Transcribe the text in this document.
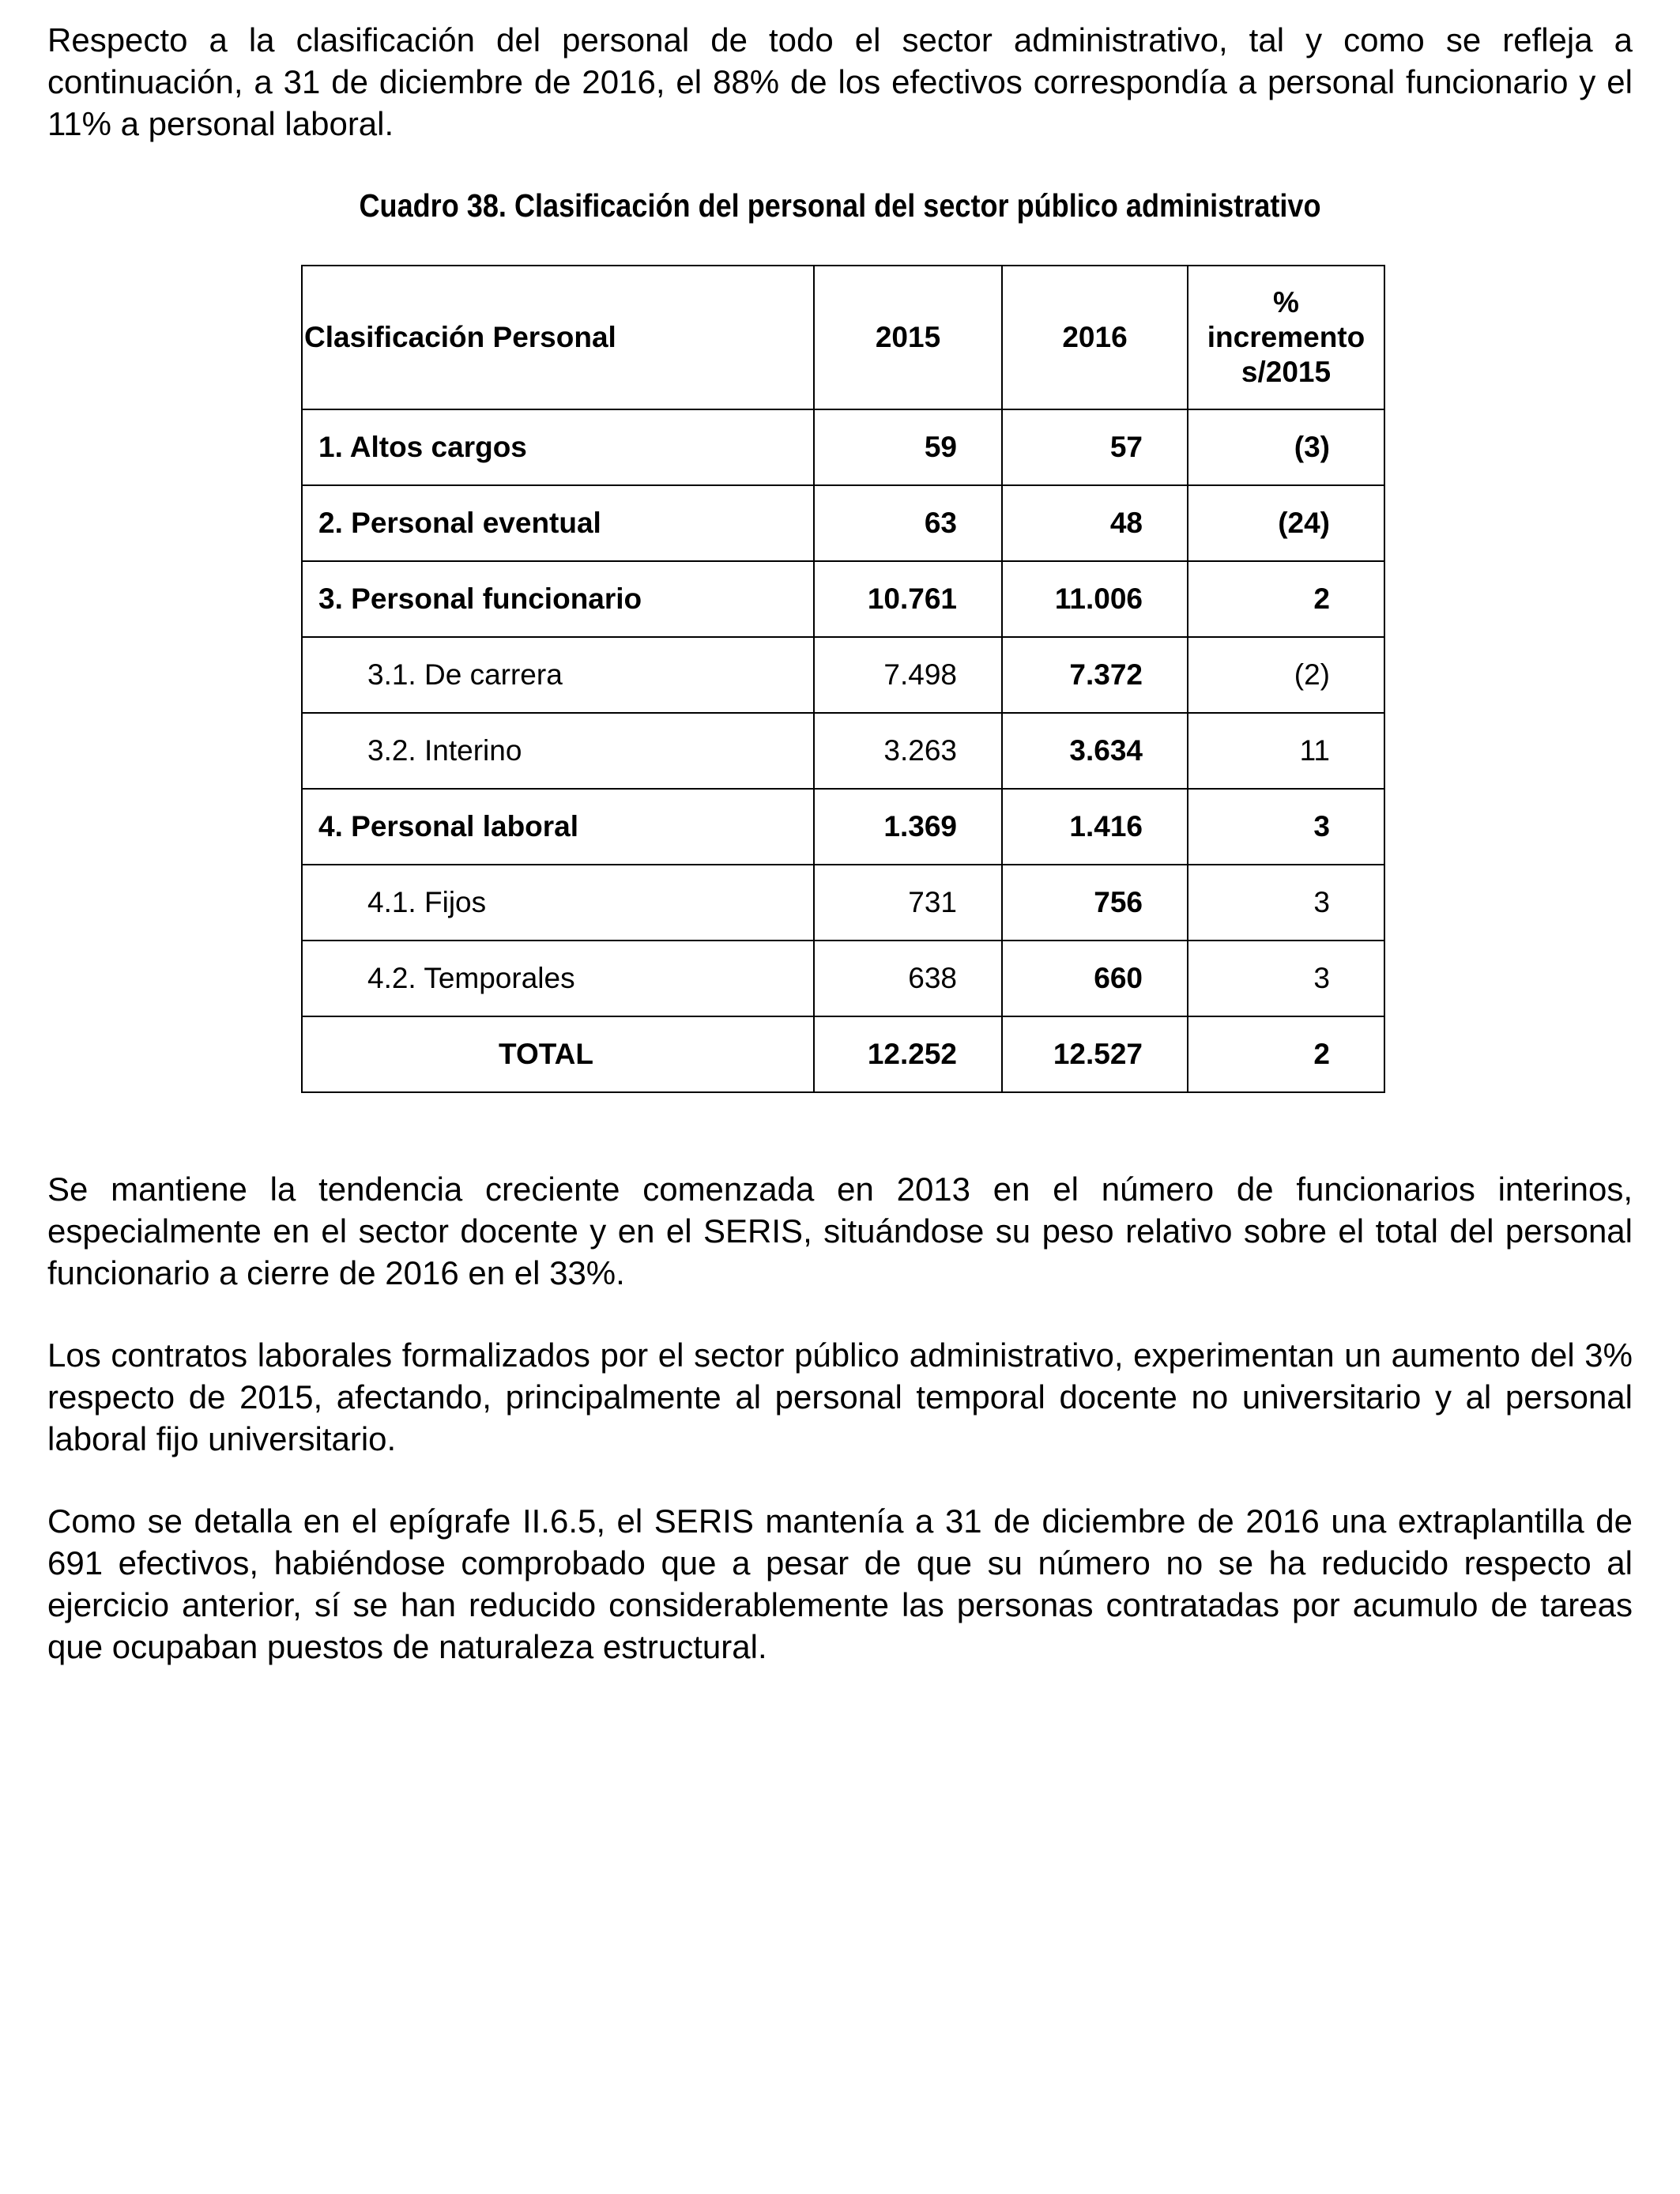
Respecto a la clasificación del personal de todo el sector administrativo, tal y como se refleja a continuación, a 31 de diciembre de 2016, el 88% de los efectivos correspondía a personal funcionario y el 11% a personal laboral.

Cuadro 38. Clasificación del personal del sector público administrativo
Clasificación Personal	2015	2016	%
incremento
s/2015
1. Altos cargos	59	57	(3)
2. Personal eventual	63	48	(24)
3. Personal funcionario	10.761	11.006	2
3.1. De carrera	7.498	7.372	(2)
3.2. Interino	3.263	3.634	11
4. Personal laboral	1.369	1.416	3
4.1. Fijos	731	756	3
4.2. Temporales	638	660	3
TOTAL	12.252	12.527	2

Se mantiene la tendencia creciente comenzada en 2013 en el número de funcionarios interinos, especialmente en el sector docente y en el SERIS, situándose su peso relativo sobre el total del personal funcionario a cierre de 2016 en el 33%.

Los contratos laborales formalizados por el sector público administrativo, experimentan un aumento del 3% respecto de 2015, afectando, principalmente al personal temporal docente no universitario y al personal laboral fijo universitario.

Como se detalla en el epígrafe II.6.5, el SERIS mantenía a 31 de diciembre de 2016 una extraplantilla de 691 efectivos, habiéndose comprobado que a pesar de que su número no se ha reducido respecto al ejercicio anterior, sí se han reducido considerablemente las personas contratadas por acumulo de tareas que ocupaban puestos de naturaleza estructural.
